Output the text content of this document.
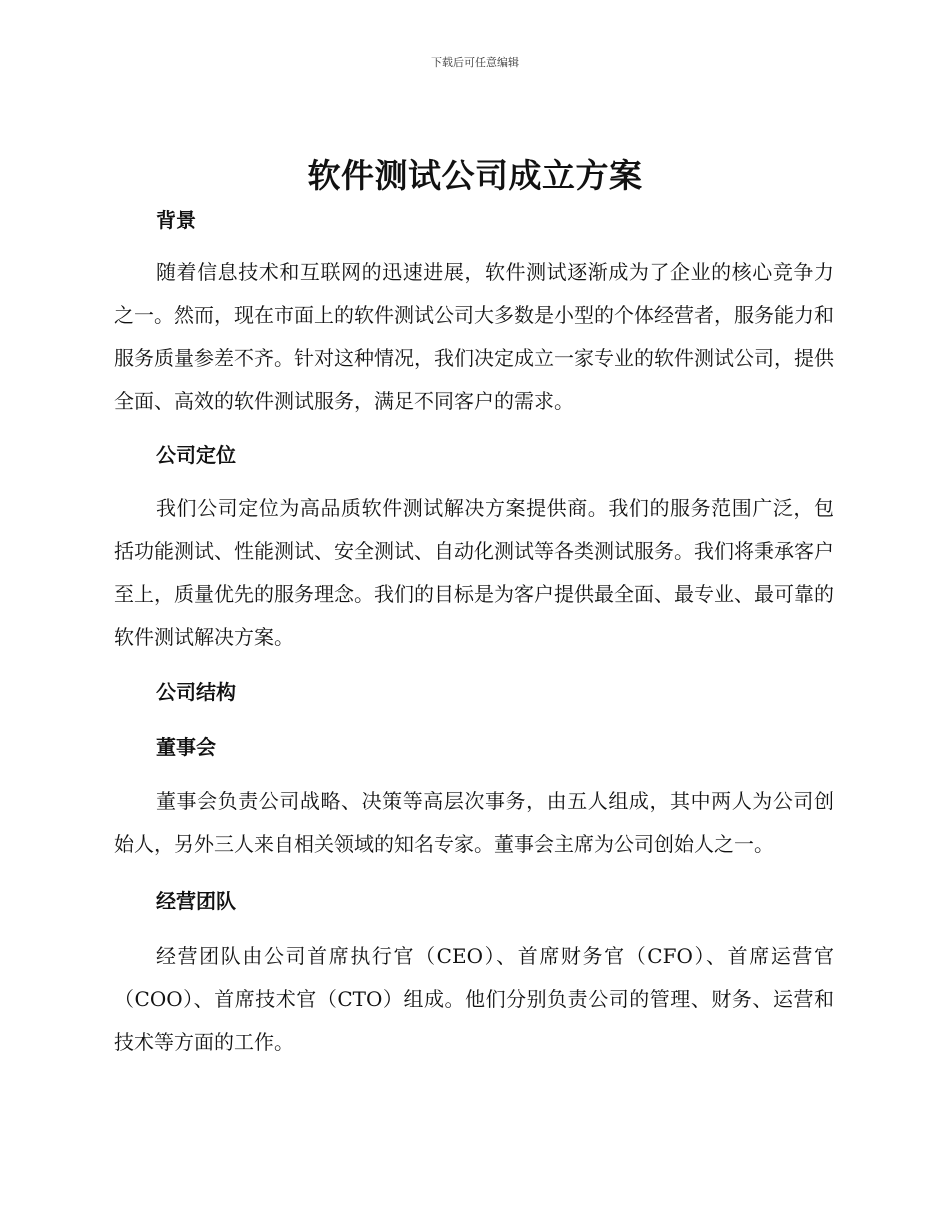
下载后可任意编辑
软件测试公司成立方案
背景

随着信息技术和互联网的迅速进展，软件测试逐渐成为了企业的核心竞争力之一。然而，现在市面上的软件测试公司大多数是小型的个体经营者，服务能力和服务质量参差不齐。针对这种情况，我们决定成立一家专业的软件测试公司，提供全面、高效的软件测试服务，满足不同客户的需求。

公司定位

我们公司定位为高品质软件测试解决方案提供商。我们的服务范围广泛，包括功能测试、性能测试、安全测试、自动化测试等各类测试服务。我们将秉承客户至上，质量优先的服务理念。我们的目标是为客户提供最全面、最专业、最可靠的软件测试解决方案。

公司结构
董事会

董事会负责公司战略、决策等高层次事务，由五人组成，其中两人为公司创始人，另外三人来自相关领域的知名专家。董事会主席为公司创始人之一。

经营团队

经营团队由公司首席执行官（CEO）、首席财务官（CFO）、首席运营官（COO）、首席技术官（CTO）组成。他们分别负责公司的管理、财务、运营和技术等方面的工作。
